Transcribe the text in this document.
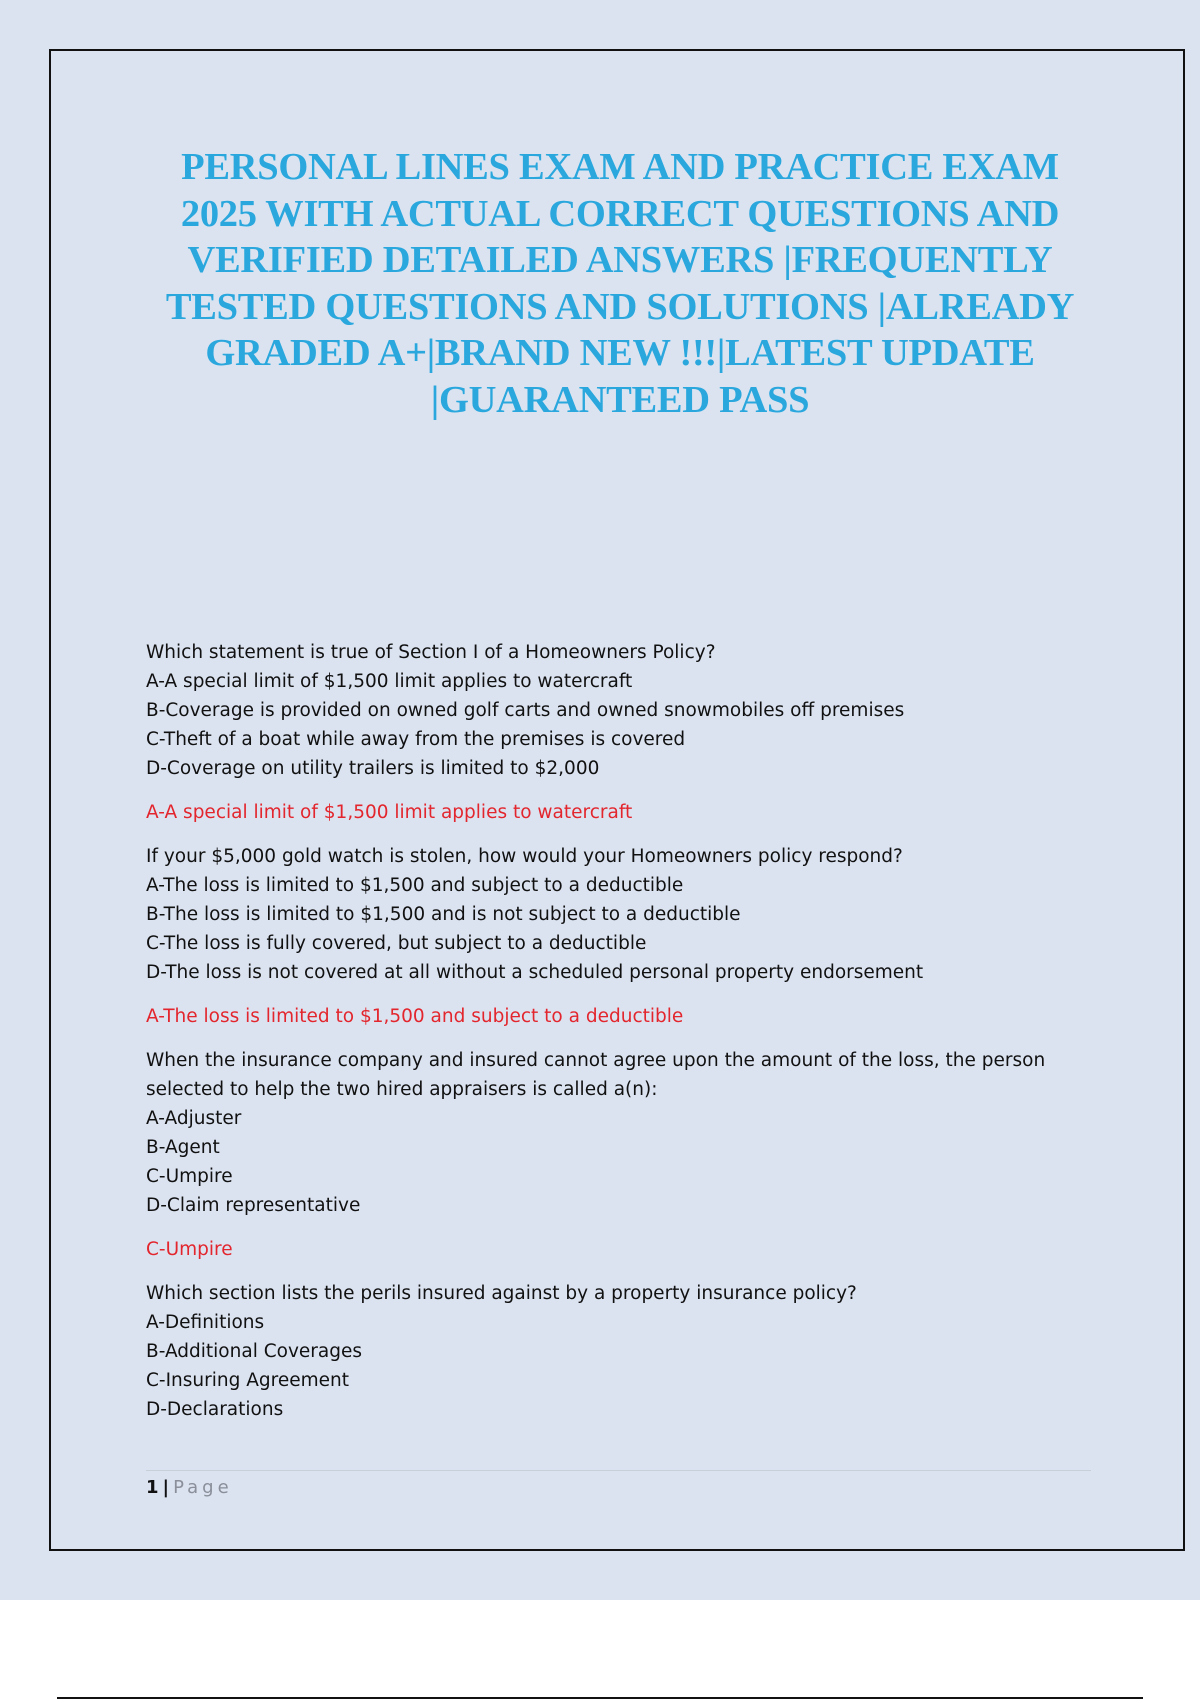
PERSONAL LINES EXAM AND PRACTICE EXAM 2025 WITH ACTUAL CORRECT QUESTIONS AND VERIFIED DETAILED ANSWERS |FREQUENTLY TESTED QUESTIONS AND SOLUTIONS |ALREADY GRADED A+|BRAND NEW !!!|LATEST UPDATE |GUARANTEED PASS

Which statement is true of Section I of a Homeowners Policy?

A-A special limit of $1,500 limit applies to watercraft

B-Coverage is provided on owned golf carts and owned snowmobiles off premises

C-Theft of a boat while away from the premises is covered

D-Coverage on utility trailers is limited to $2,000

A-A special limit of $1,500 limit applies to watercraft

If your $5,000 gold watch is stolen, how would your Homeowners policy respond?

A-The loss is limited to $1,500 and subject to a deductible

B-The loss is limited to $1,500 and is not subject to a deductible

C-The loss is fully covered, but subject to a deductible

D-The loss is not covered at all without a scheduled personal property endorsement

A-The loss is limited to $1,500 and subject to a deductible

When the insurance company and insured cannot agree upon the amount of the loss, the person

selected to help the two hired appraisers is called a(n):

A-Adjuster

B-Agent

C-Umpire

D-Claim representative

C-Umpire

Which section lists the perils insured against by a property insurance policy?

A-Definitions

B-Additional Coverages

C-Insuring Agreement

D-Declarations

1 | Page
